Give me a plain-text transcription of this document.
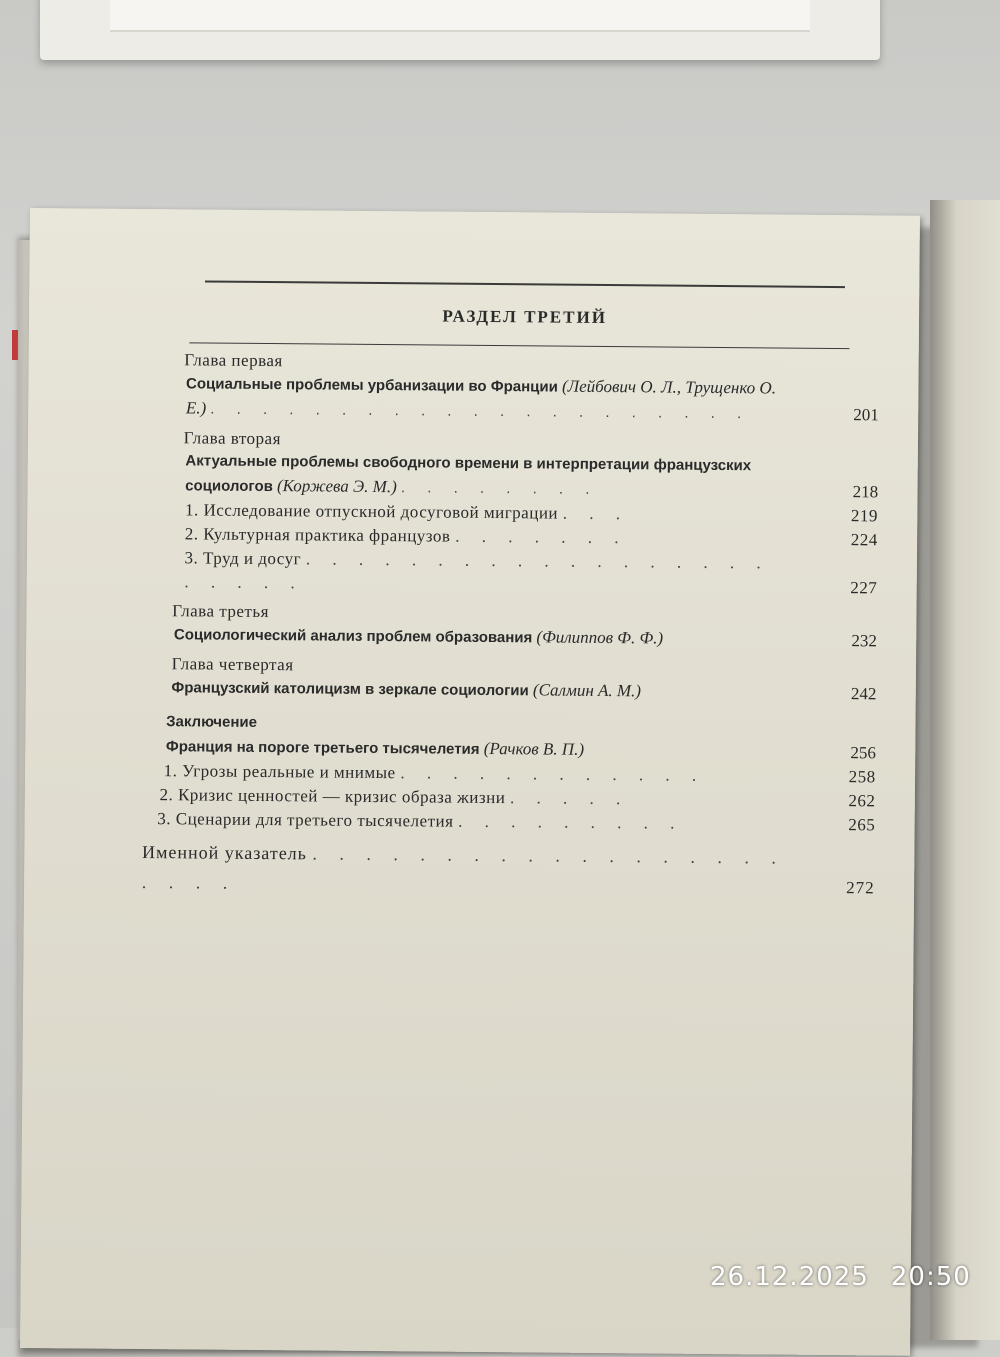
РАЗДЕЛ ТРЕТИЙ
Глава первая
Социальные проблемы урбанизации во Франции (Лейбович О. Л., Трущенко О. Е.) . . . . . . . . . . . . . . . . . . . . .	201
Глава вторая
Актуальные проблемы свободного времени в интерпретации французских социологов (Коржева Э. М.) . . . . . . . .	218
1. Исследование отпускной досуговой миграции . . .	219
2. Культурная практика французов . . . . . . .	224
3. Труд и досуг . . . . . . . . . . . . . . . . . . . . . . .	227
Глава третья
Социологический анализ проблем образования (Филиппов Ф. Ф.)	232
Глава четвертая
Французский католицизм в зеркале социологии (Салмин А. М.)	242
Заключение
Франция на пороге третьего тысячелетия (Рачков В. П.)	256
1. Угрозы реальные и мнимые . . . . . . . . . . . .	258
2. Кризис ценностей — кризис образа жизни . . . . .	262
3. Сценарии для третьего тысячелетия . . . . . . . . .	265
Именной указатель . . . . . . . . . . . . . . . . . . . . . .	272
26.12.2025 20:50
